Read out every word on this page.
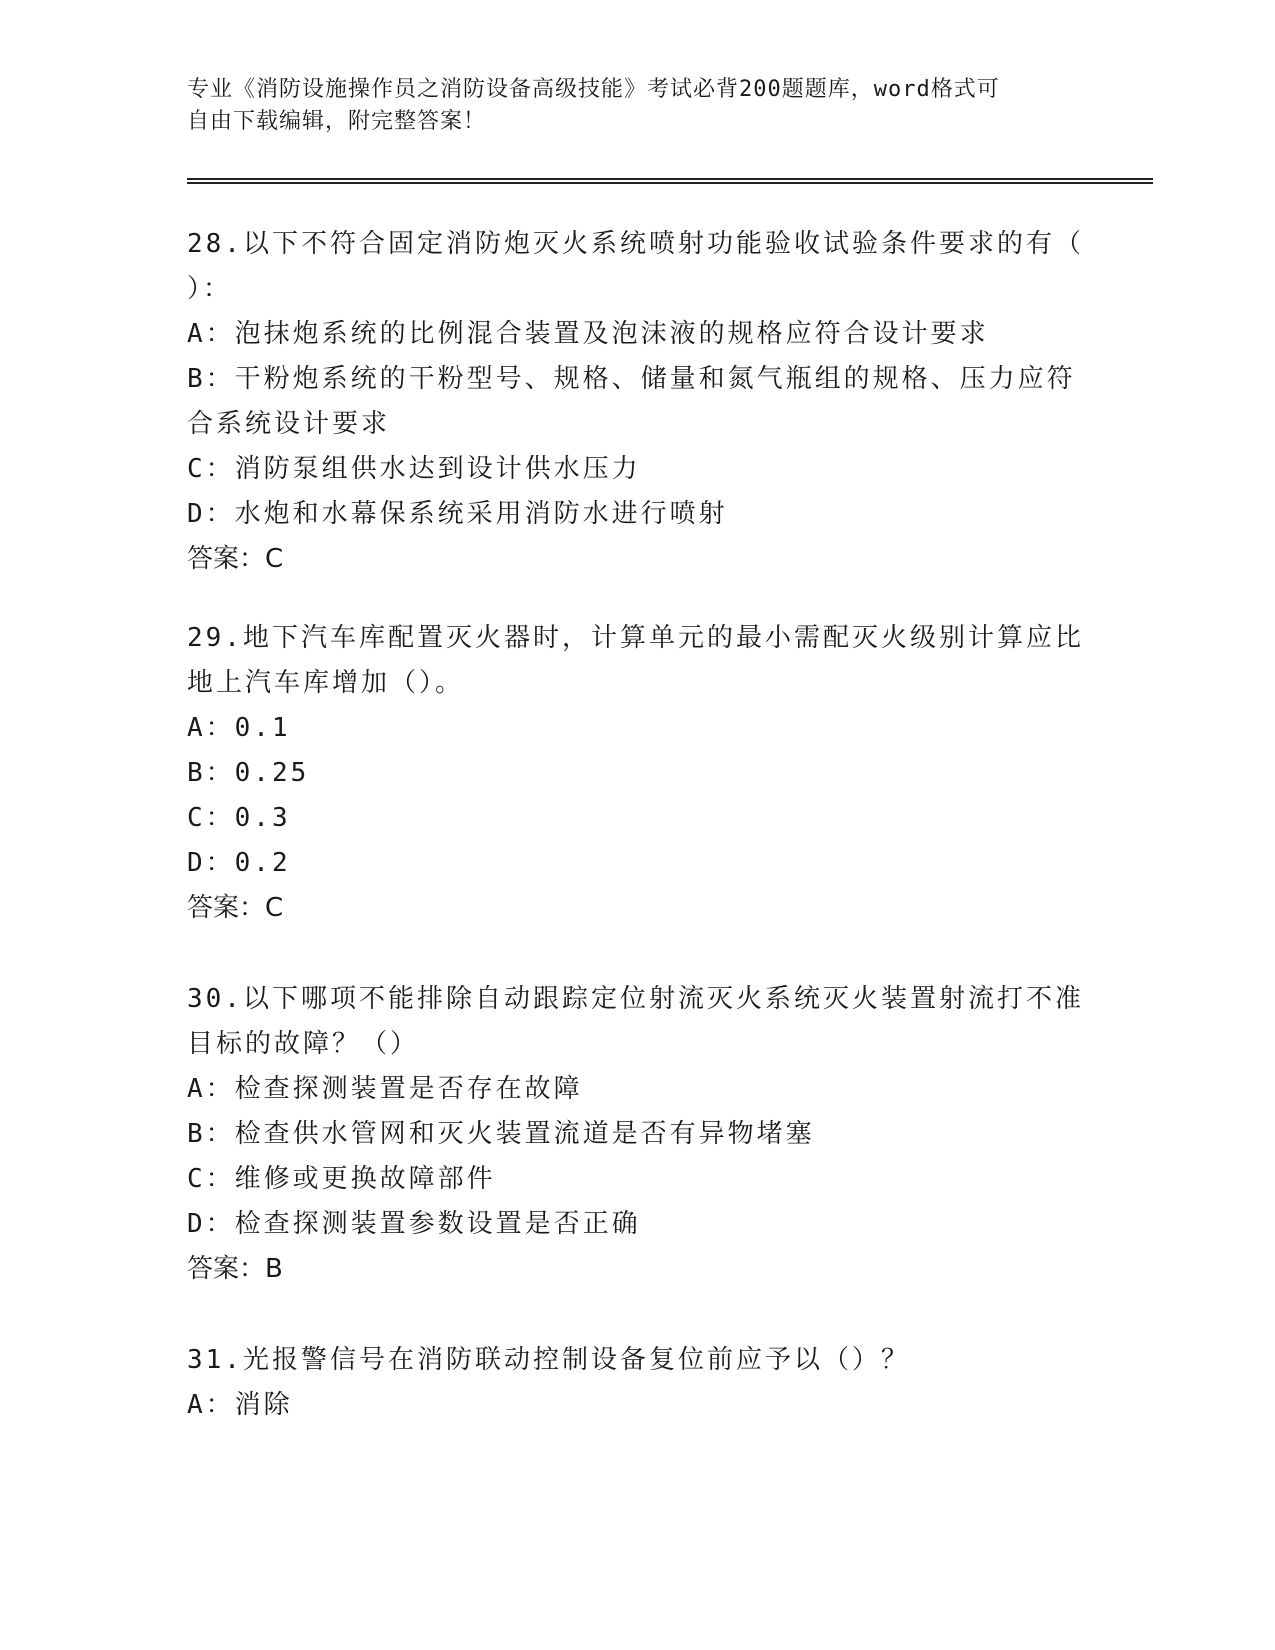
专业《消防设施操作员之消防设备高级技能》考试必背200题题库，word格式可
自由下载编辑，附完整答案！

28.以下不符合固定消防炮灭火系统喷射功能验收试验条件要求的有（

）：

A：泡抹炮系统的比例混合装置及泡沫液的规格应符合设计要求

B：干粉炮系统的干粉型号、规格、储量和氮气瓶组的规格、压力应符

合系统设计要求

C：消防泵组供水达到设计供水压力

D：水炮和水幕保系统采用消防水进行喷射

答案：C

29.地下汽车库配置灭火器时，计算单元的最小需配灭火级别计算应比

地上汽车库增加（）。

A：0.1

B：0.25

C：0.3

D：0.2

答案：C

30.以下哪项不能排除自动跟踪定位射流灭火系统灭火装置射流打不准

目标的故障？（）

A：检查探测装置是否存在故障

B：检查供水管网和灭火装置流道是否有异物堵塞

C：维修或更换故障部件

D：检查探测装置参数设置是否正确

答案：B

31.光报警信号在消防联动控制设备复位前应予以（）？

A：消除
